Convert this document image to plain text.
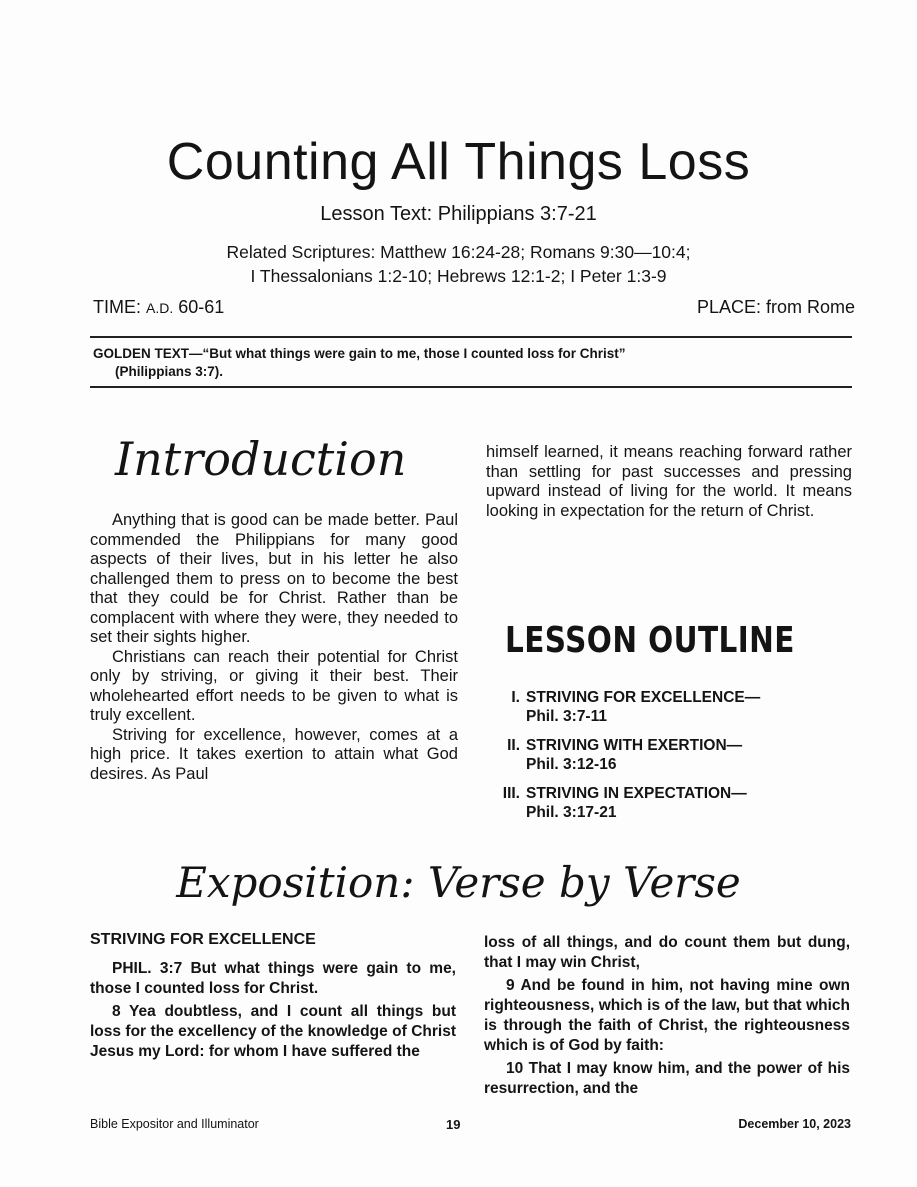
Counting All Things Loss
Lesson Text: Philippians 3:7-21
Related Scriptures: Matthew 16:24-28; Romans 9:30—10:4;
I Thessalonians 1:2-10; Hebrews 12:1-2; I Peter 1:3-9
TIME: A.D. 60-61	PLACE: from Rome
GOLDEN TEXT—“But what things were gain to me, those I counted loss for Christ”
(Philippians 3:7).
Introduction

Anything that is good can be made better. Paul commended the Philippians for many good aspects of their lives, but in his letter he also challenged them to press on to become the best that they could be for Christ. Rather than be complacent with where they were, they needed to set their sights higher.

Christians can reach their potential for Christ only by striving, or giving it their best. Their wholehearted effort needs to be given to what is truly excellent.

Striving for excellence, however, comes at a high price. It takes exertion to attain what God desires. As Paul

himself learned, it means reaching forward rather than settling for past successes and pressing upward instead of living for the world. It means looking in expectation for the return of Christ.

LESSON OUTLINE
I. STRIVING FOR EXCELLENCE—
Phil. 3:7-11
II. STRIVING WITH EXERTION—
Phil. 3:12-16
III. STRIVING IN EXPECTATION—
Phil. 3:17-21
Exposition: Verse by Verse
STRIVING FOR EXCELLENCE

PHIL. 3:7 But what things were gain to me, those I counted loss for Christ.

8 Yea doubtless, and I count all things but loss for the excellency of the knowledge of Christ Jesus my Lord: for whom I have suffered the

loss of all things, and do count them but dung, that I may win Christ,

9 And be found in him, not having mine own righteousness, which is of the law, but that which is through the faith of Christ, the righteousness which is of God by faith:

10 That I may know him, and the power of his resurrection, and the

Bible Expositor and Illuminator	19	December 10, 2023
